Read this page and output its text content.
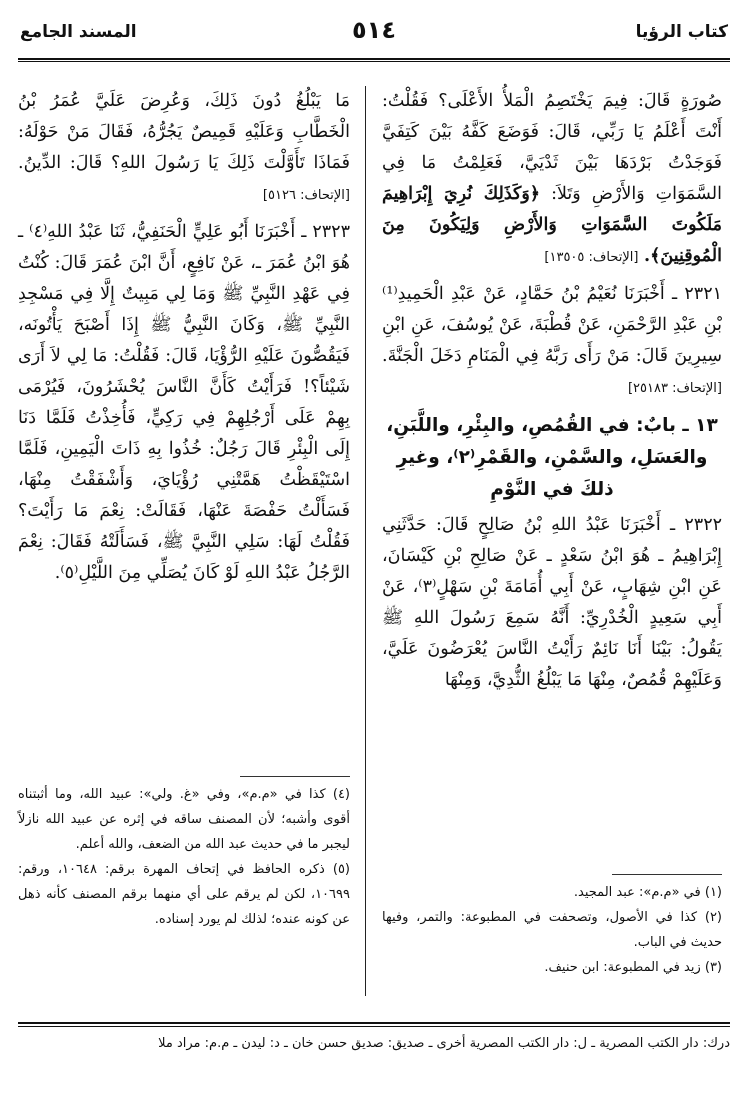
كتاب الرؤيا
٥١٤
المسند الجامع

صُورَةٍ قَالَ: فِيمَ يَخْتَصِمُ الْمَلأُ الأَعْلَى؟ فَقُلْتُ: أَنْتَ أَعْلَمُ يَا رَبِّي، قَالَ: فَوَضَعَ كَفَّهُ بَيْنَ كَتِفَيَّ فَوَجَدْتُ بَرْدَهَا بَيْنَ ثَدْيَيَّ، فَعَلِمْتُ مَا فِي السَّمَوَاتِ وَالأَرْضِ وَتَلاَ: ﴿وَكَذَلِكَ نُرِيَ إِبْرَاهِيمَ مَلَكُوتَ السَّمَوَاتِ وَالأَرْضِ وَلِيَكُونَ مِنَ الْمُوقِنِينَ﴾. [الإتحاف: ١٣٥٠٥]

٢٣٢١ ـ أَخْبَرَنَا نُعَيْمُ بْنُ حَمَّادٍ، عَنْ عَبْدِ الْحَمِيدِ⁽¹⁾ بْنِ عَبْدِ الرَّحْمَنِ، عَنْ قُطْبَةَ، عَنْ يُوسُفَ، عَنِ ابْنِ سِيرِينَ قَالَ: مَنْ رَأَى رَبَّهُ فِي الْمَنَامِ دَخَلَ الْجَنَّةَ. [الإتحاف: ٢٥١٨٣]

١٣ ـ بابٌ: في القُمُصِ، والبِئْرِ، واللَّبَنِ، والعَسَلِ، والسَّمْنِ، والقَمْرِ⁽٢⁾، وغيرِ ذلكَ في النَّوْمِ

٢٣٢٢ ـ أَخْبَرَنَا عَبْدُ اللهِ بْنُ صَالِحٍ قَالَ: حَدَّثَنِي إِبْرَاهِيمُ ـ هُوَ ابْنُ سَعْدٍ ـ عَنْ صَالِحِ بْنِ كَيْسَانَ، عَنِ ابْنِ شِهَابٍ، عَنْ أَبِي أُمَامَةَ بْنِ سَهْلٍ⁽٣⁾، عَنْ أَبِي سَعِيدٍ الْخُدْرِيِّ: أَنَّهُ سَمِعَ رَسُولَ اللهِ ﷺ يَقُولُ: بَيْنَا أَنَا نَائِمٌ رَأَيْتُ النَّاسَ يُعْرَضُونَ عَلَيَّ، وَعَلَيْهِمْ قُمُصٌ، مِنْهَا مَا يَبْلُغُ الثُّدِيَّ، وَمِنْهَا

مَا يَبْلُغُ دُونَ ذَلِكَ، وَعُرِضَ عَلَيَّ عُمَرُ بْنُ الْخَطَّابِ وَعَلَيْهِ قَمِيصٌ يَجُرُّهُ، فَقَالَ مَنْ حَوْلَهُ: فَمَاذَا تَأَوَّلْتَ ذَلِكَ يَا رَسُولَ اللهِ؟ قَالَ: الدِّينُ. [الإتحاف: ٥١٢٦]

٢٣٢٣ ـ أَخْبَرَنَا أَبُو عَلِيٍّ الْحَنَفِيُّ، ثَنَا عَبْدُ اللهِ⁽٤⁾ ـ هُوَ ابْنُ عُمَرَ ـ، عَنْ نَافِعٍ، أَنَّ ابْنَ عُمَرَ قَالَ: كُنْتُ فِي عَهْدِ النَّبِيِّ ﷺ وَمَا لِي مَبِيتٌ إِلَّا فِي مَسْجِدِ النَّبِيِّ ﷺ، وَكَانَ النَّبِيُّ ﷺ إِذَا أَصْبَحَ يَأْتُونَه، فَيَقُصُّونَ عَلَيْهِ الرُّؤْيَا، قَالَ: فَقُلْتُ: مَا لِي لاَ أَرَى شَيْئاً؟! فَرَأَيْتُ كَأَنَّ النَّاسَ يُحْشَرُونَ، فَيُرْمَى بِهِمْ عَلَى أَرْجُلِهِمْ فِي رَكِيٍّ، فَأُخِذْتُ فَلَمَّا دَنَا إِلَى الْبِئْرِ قَالَ رَجُلٌ: خُذُوا بِهِ ذَاتَ الْيَمِينِ، فَلَمَّا اسْتَيْقَظْتُ هَمَّتْنِي رُؤْيَايَ، وَأَشْفَقْتُ مِنْهَا، فَسَأَلْتُ حَفْصَةَ عَنْهَا، فَقَالَتْ: نِعْمَ مَا رَأَيْتَ؟ فَقُلْتُ لَهَا: سَلِي النَّبِيَّ ﷺ، فَسَأَلَتْهُ فَقَالَ: نِعْمَ الرَّجُلُ عَبْدُ اللهِ لَوْ كَانَ يُصَلِّي مِنَ اللَّيْلِ⁽٥⁾.

(١) في «م.م»: عبد المجيد.
(٢) كذا في الأصول، وتصحفت في المطبوعة: والتمر، وفيها حديث في الباب.
(٣) زيد في المطبوعة: ابن حنيف.
(٤) كذا في «م.م»، وفي «غ. ولي»: عبيد الله، وما أثبتناه أقوى وأشبه؛ لأن المصنف ساقه في إثره عن عبيد الله نازلاً ليجبر ما في حديث عبد الله من الضعف، والله أعلم.
(٥) ذكره الحافظ في إتحاف المهرة برقم: ١٠٦٤٨، ورقم: ١٠٦٩٩، لكن لم يرقم على أي منهما برقم المصنف كأنه ذهل عن كونه عنده؛ لذلك لم يورد إسناده.
درك: دار الكتب المصرية ـ ل: دار الكتب المصرية أخرى ـ صديق: صديق حسن خان ـ د: ليدن ـ م.م: مراد ملا
